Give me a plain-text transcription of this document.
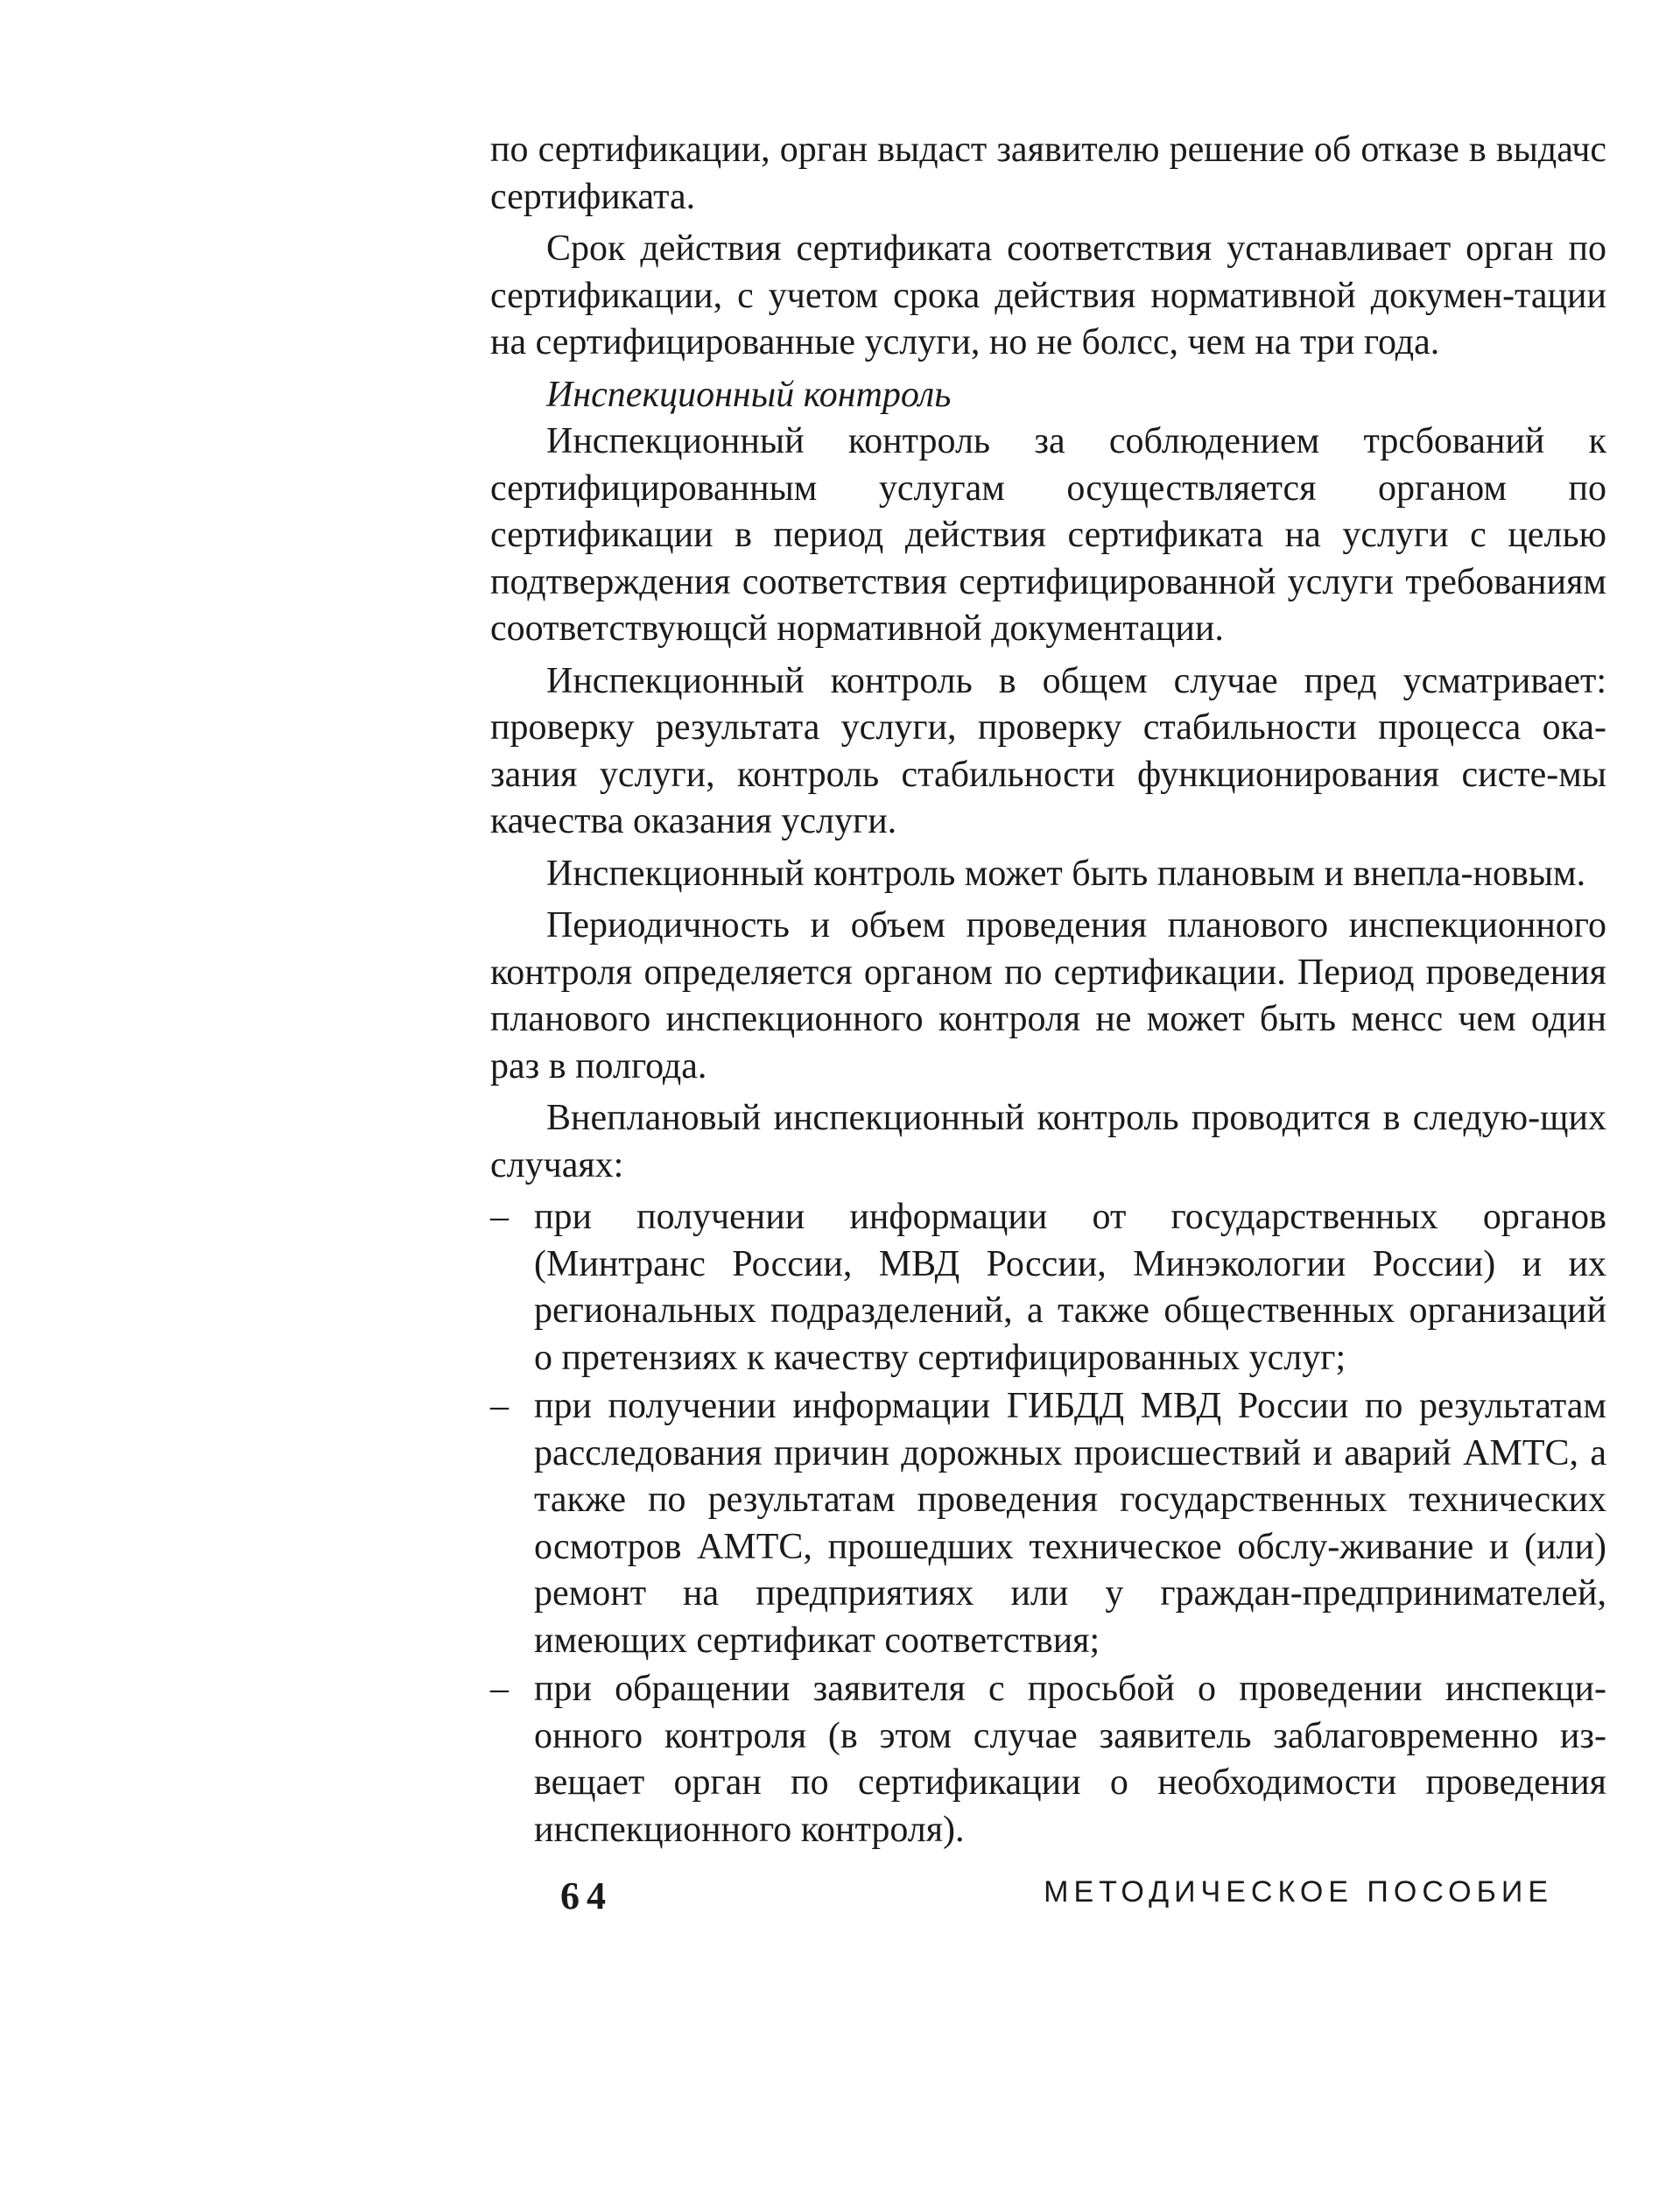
по сертификации, орган выдаст заявителю решение об отказе в выдачс сертификата.

Срок действия сертификата соответствия устанавливает орган по сертификации, с учетом срока действия нормативной докумен-тации на сертифицированные услуги, но не болсс, чем на три года.

Инспекционный контроль

Инспекционный контроль за соблюдением трсбований к сертифицированным услугам осуществляется органом по сертификации в период действия сертификата на услуги с целью подтверждения соответствия сертифицированной услуги требованиям соответствующсй нормативной документации.

Инспекционный контроль в общем случае пред усматривает: проверку результата услуги, проверку стабильности процесса ока-зания услуги, контроль стабильности функционирования систе-мы качества оказания услуги.

Инспекционный контроль может быть плановым и внепла-новым.

Периодичность и объем проведения планового инспекционного контроля определяется органом по сертификации. Период проведения планового инспекционного контроля не может быть менсс чем один раз в полгода.

Внеплановый инспекционный контроль проводится в следую-щих случаях:

– при получении информации от государственных органов (Минтранс России, МВД России, Минэкологии России) и их региональных подразделений, а также общественных организаций о претензиях к качеству сертифицированных услуг;
– при получении информации ГИБДД МВД России по результатам расследования причин дорожных происшествий и аварий АМТС, а также по результатам проведения государственных технических осмотров АМТС, прошедших техническое обслу-живание и (или) ремонт на предприятиях или у граждан-предпринимателей, имеющих сертификат соответствия;
– при обращении заявителя с просьбой о проведении инспекци-онного контроля (в этом случае заявитель заблаговременно из-вещает орган по сертификации о необходимости проведения инспекционного контроля).
64	МЕТОДИЧЕСКОЕ ПОСОБИЕ
